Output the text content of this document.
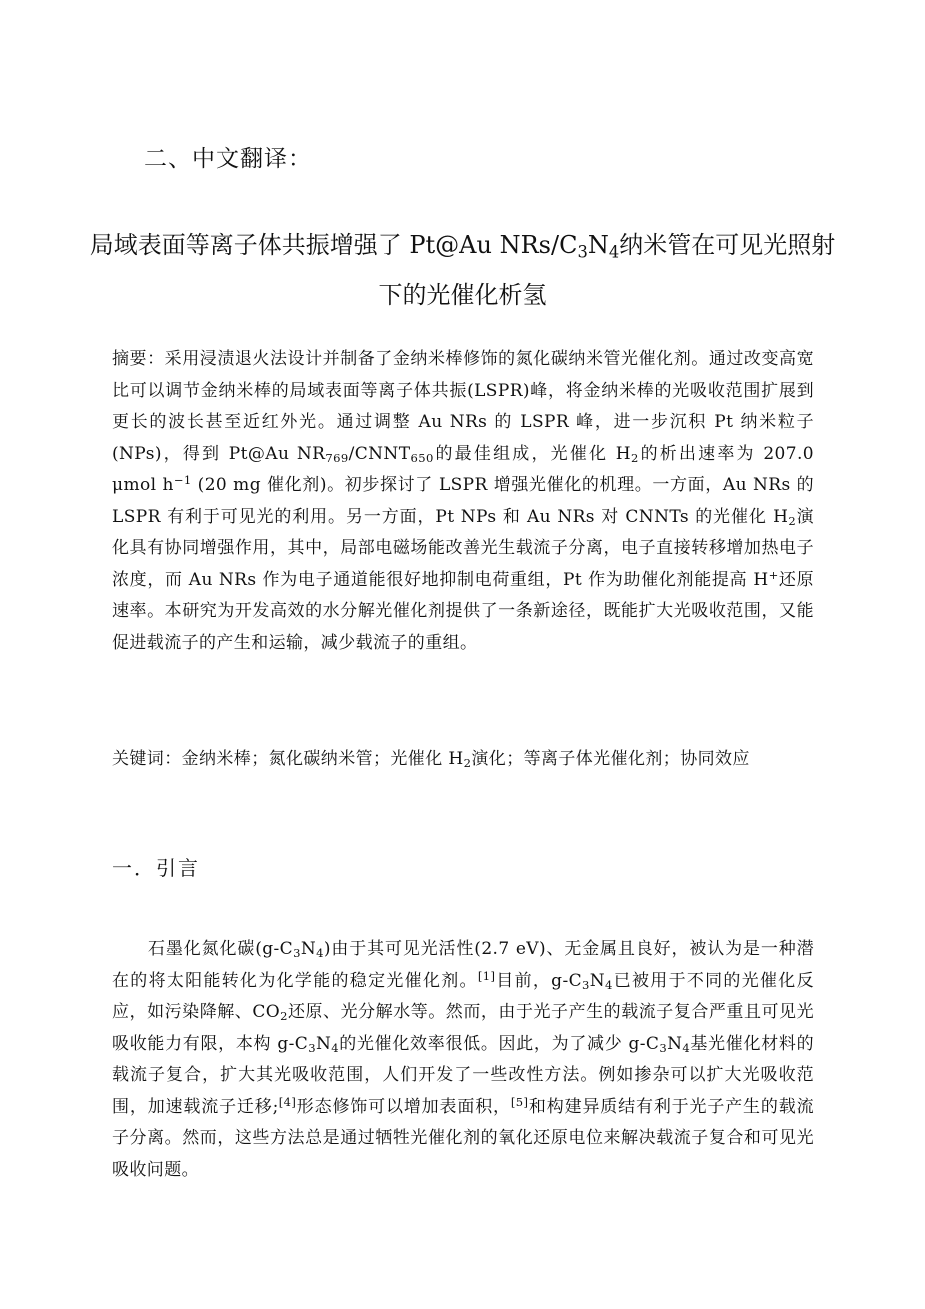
二、中文翻译：
局域表面等离子体共振增强了 Pt@Au NRs/$C_3N_4$纳米管在可见光照射下的光催化析氢

摘要：采用浸渍退火法设计并制备了金纳米棒修饰的氮化碳纳米管光催化剂。通过改变高宽比可以调节金纳米棒的局域表面等离子体共振(LSPR)峰，将金纳米棒的光吸收范围扩展到更长的波长甚至近红外光。通过调整 Au NRs 的 LSPR 峰，进一步沉积 Pt 纳米粒子(NPs)，得到 Pt@Au $NR_{769}/CNNT_{650}$的最佳组成，光催化 $H_2$的析出速率为 207.0 μmol $h^{-1}$ (20 mg 催化剂)。初步探讨了 LSPR 增强光催化的机理。一方面，Au NRs 的 LSPR 有利于可见光的利用。另一方面，Pt NPs 和 Au NRs 对 CNNTs 的光催化 $H_2$演化具有协同增强作用，其中，局部电磁场能改善光生载流子分离，电子直接转移增加热电子浓度，而 Au NRs 作为电子通道能很好地抑制电荷重组，Pt 作为助催化剂能提高 H+还原速率。本研究为开发高效的水分解光催化剂提供了一条新途径，既能扩大光吸收范围，又能促进载流子的产生和运输，减少载流子的重组。

关键词：金纳米棒；氮化碳纳米管；光催化 $H_2$演化；等离子体光催化剂；协同效应

一．引言

石墨化氮化碳$(g-C_3N_4)$由于其可见光活性(2.7 eV)、无金属且良好，被认为是一种潜在的将太阳能转化为化学能的稳定光催化剂。[1]目前，$g-C_3N_4$已被用于不同的光催化反应，如污染降解、$CO_2$还原、光分解水等。然而，由于光子产生的载流子复合严重且可见光吸收能力有限，本构 $g-C_3N_4$的光催化效率很低。因此，为了减少 $g-C_3N_4$基光催化材料的载流子复合，扩大其光吸收范围，人们开发了一些改性方法。例如掺杂可以扩大光吸收范围，加速载流子迁移;[4]形态修饰可以增加表面积，[5]和构建异质结有利于光子产生的载流子分离。然而，这些方法总是通过牺牲光催化剂的氧化还原电位来解决载流子复合和可见光吸收问题。
